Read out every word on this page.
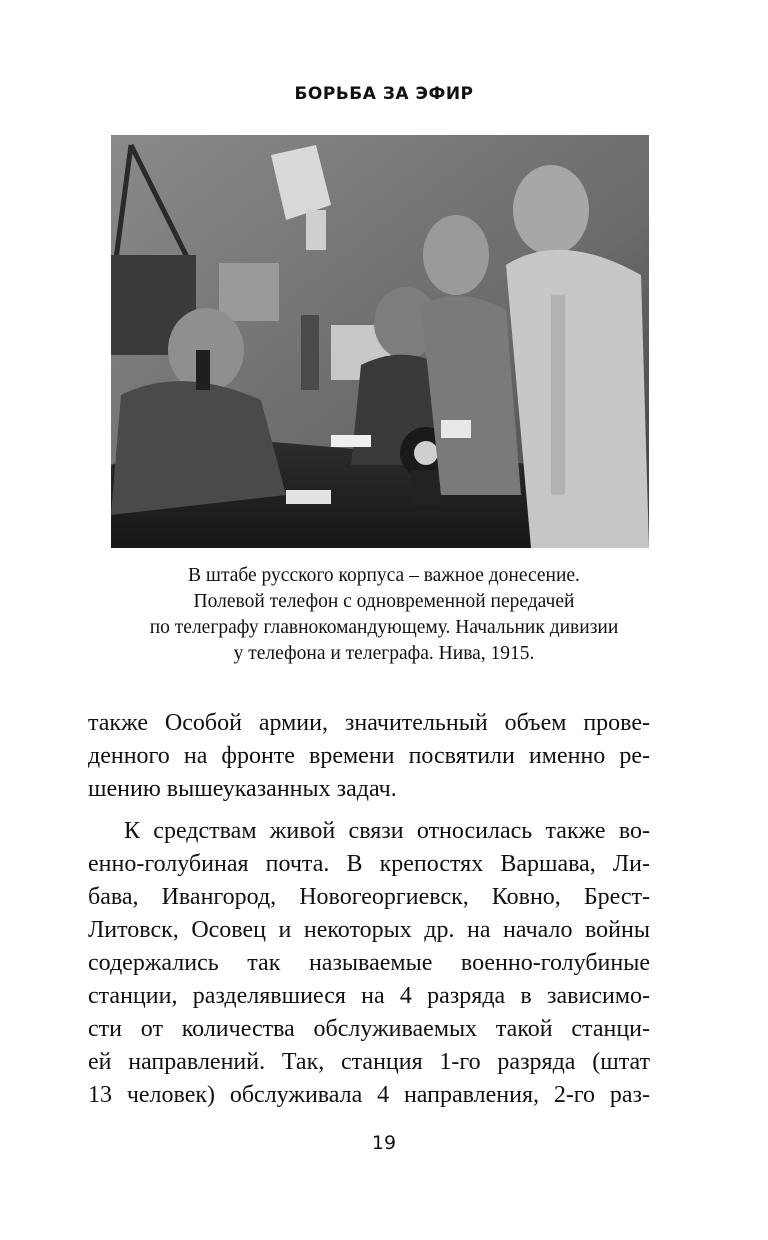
БОРЬБА ЗА ЭФИР
В штабе русского корпуса – важное донесение.
Полевой телефон с одновременной передачей
по телеграфу главнокомандующему. Начальник дивизии
у телефона и телеграфа. Нива, 1915.
также Особой армии, значительный объем прове-
денного на фронте времени посвятили именно ре-
шению вышеуказанных задач.
К средствам живой связи относилась также во-
енно-голубиная почта. В крепостях Варшава, Ли-
бава, Ивангород, Новогеоргиевск, Ковно, Брест-
Литовск, Осовец и некоторых др. на начало войны
содержались так называемые военно-голубиные
станции, разделявшиеся на 4 разряда в зависимо-
сти от количества обслуживаемых такой станци-
ей направлений. Так, станция 1-го разряда (штат
13 человек) обслуживала 4 направления, 2-го раз-
19
